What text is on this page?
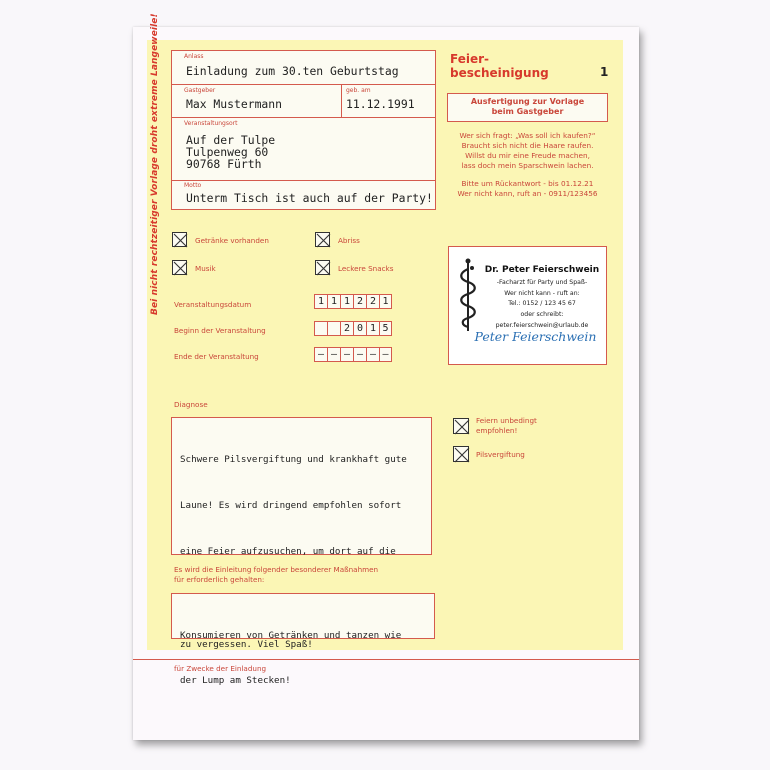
Bei nicht rechtzeitiger Vorlage droht extreme Langeweile!	Anlass
Einladung zum 30.ten Geburtstag
Gastgeber
Max Mustermann
geb. am
11.12.1991
Veranstaltungsort
Auf der Tulpe
Tulpenweg 60
90768 Fürth
Motto
Unterm Tisch ist auch auf der Party!
Feier-
bescheinigung	1
Ausfertigung zur Vorlage
beim Gastgeber
Wer sich fragt: „Was soll ich kaufen?“
Braucht sich nicht die Haare raufen.
Willst du mir eine Freude machen,
lass doch mein Sparschwein lachen.
Bitte um Rückantwort - bis 01.12.21
Wer nicht kann, ruft an - 0911/123456
Getränke vorhanden	Abriss
Musik	Leckere Snacks
Veranstaltungsdatum	1 1 1 2 2 1
Beginn der Veranstaltung	2 0 1 5
Ende der Veranstaltung	— — — — — —
Dr. Peter Feierschwein
-Facharzt für Party und Spaß-
Wer nicht kann - ruft an:
Tel.: 0152 / 123 45 67
oder schreibt:
peter.feierschwein@urlaub.de
Peter Feierschwein
Diagnose

Schwere Pilsvergiftung und krankhaft gute

Laune! Es wird dringend empfohlen sofort

eine Feier aufzusuchen, um dort auf die

zu vergessen. Viel Spaß!

Feiern unbedingt
empfohlen!
Pilsvergiftung
Es wird die Einleitung folgender besonderer Maßnahmen
für erforderlich gehalten:

Konsumieren von Getränken und tanzen wie

der Lump am Stecken!

für Zwecke der Einladung
